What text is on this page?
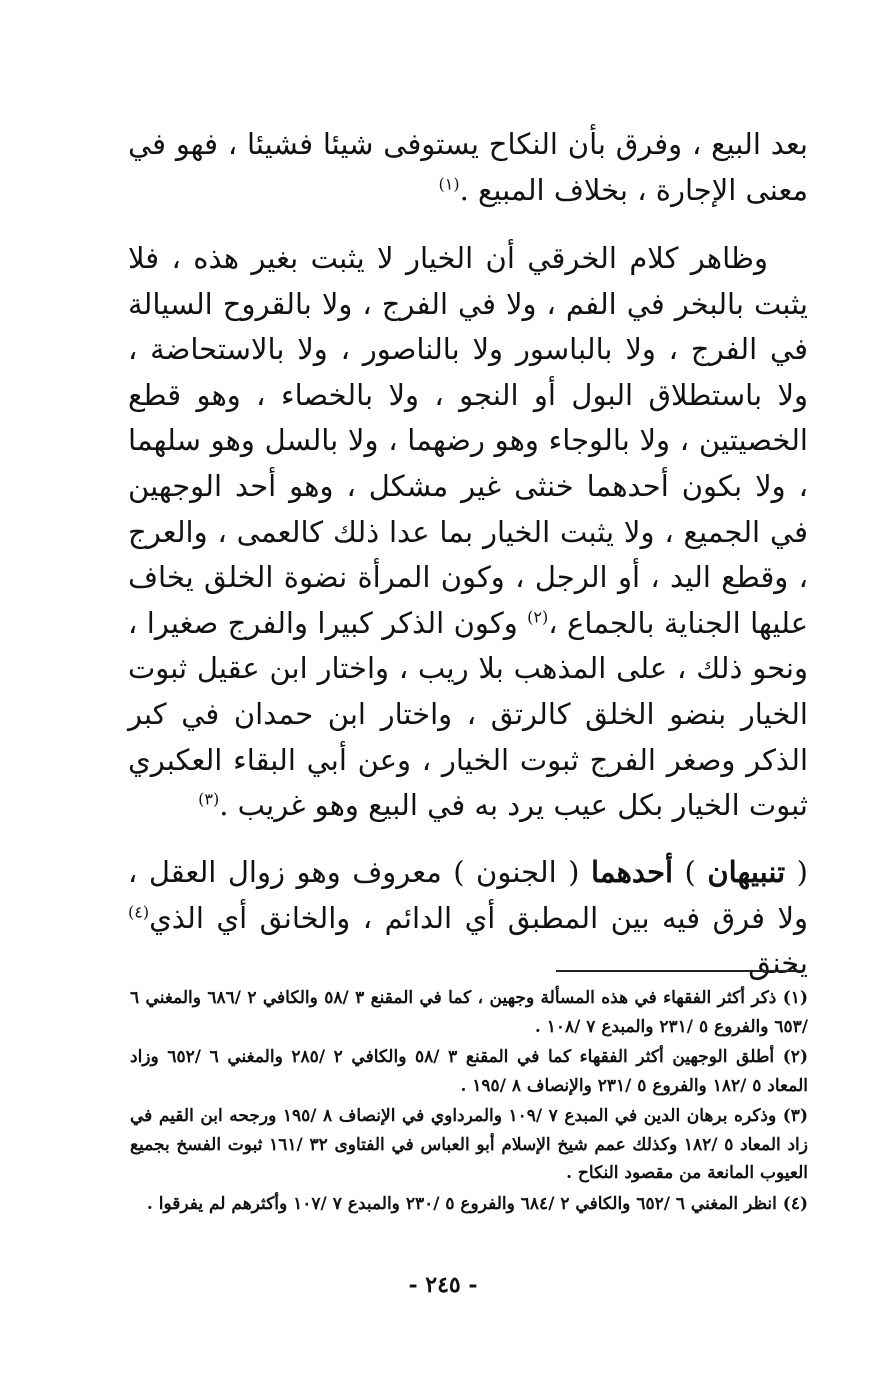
بعد البيع ، وفرق بأن النكاح يستوفى شيئا فشيئا ، فهو في معنى الإجارة ، بخلاف المبيع .$^{(١)}$

وظاهر كلام الخرقي أن الخيار لا يثبت بغير هذه ، فلا يثبت بالبخر في الفم ، ولا في الفرج ، ولا بالقروح السيالة في الفرج ، ولا بالباسور ولا بالناصور ، ولا بالاستحاضة ، ولا باستطلاق البول أو النجو ، ولا بالخصاء ، وهو قطع الخصيتين ، ولا بالوجاء وهو رضهما ، ولا بالسل وهو سلهما ، ولا بكون أحدهما خنثى غير مشكل ، وهو أحد الوجهين في الجميع ، ولا يثبت الخيار بما عدا ذلك كالعمى ، والعرج ، وقطع اليد ، أو الرجل ، وكون المرأة نضوة الخلق يخاف عليها الجناية بالجماع ،$^{(٢)}$ وكون الذكر كبيرا والفرج صغيرا ، ونحو ذلك ، على المذهب بلا ريب ، واختار ابن عقيل ثبوت الخيار بنضو الخلق كالرتق ، واختار ابن حمدان في كبر الذكر وصغر الفرج ثبوت الخيار ، وعن أبي البقاء العكبري ثبوت الخيار بكل عيب يرد به في البيع وهو غريب .$^{(٣)}$

( تنبيهان ) أحدهما ( الجنون ) معروف وهو زوال العقل ، ولا فرق فيه بين المطبق أي الدائم ، والخانق أي الذي$^{(٤)}$ يخنق

(١) ذكر أكثر الفقهاء في هذه المسألة وجهين ، كما في المقنع ٣ /٥٨ والكافي ٢ /٦٨٦ والمغني ٦ /٦٥٣ والفروع ٥ /٢٣١ والمبدع ٧ /١٠٨ .

(٢) أطلق الوجهين أكثر الفقهاء كما في المقنع ٣ /٥٨ والكافي ٢ /٢٨٥ والمغني ٦ /٦٥٢ وزاد المعاد ٥ /١٨٢ والفروع ٥ /٢٣١ والإنصاف ٨ /١٩٥ .

(٣) وذكره برهان الدين في المبدع ٧ /١٠٩ والمرداوي في الإنصاف ٨ /١٩٥ ورجحه ابن القيم في زاد المعاد ٥ /١٨٢ وكذلك عمم شيخ الإسلام أبو العباس في الفتاوى ٣٢ /١٦١ ثبوت الفسخ بجميع العيوب المانعة من مقصود النكاح .

(٤) انظر المغني ٦ /٦٥٢ والكافي ٢ /٦٨٤ والفروع ٥ /٢٣٠ والمبدع ٧ /١٠٧ وأكثرهم لم يفرقوا .

- ٢٤٥ -
